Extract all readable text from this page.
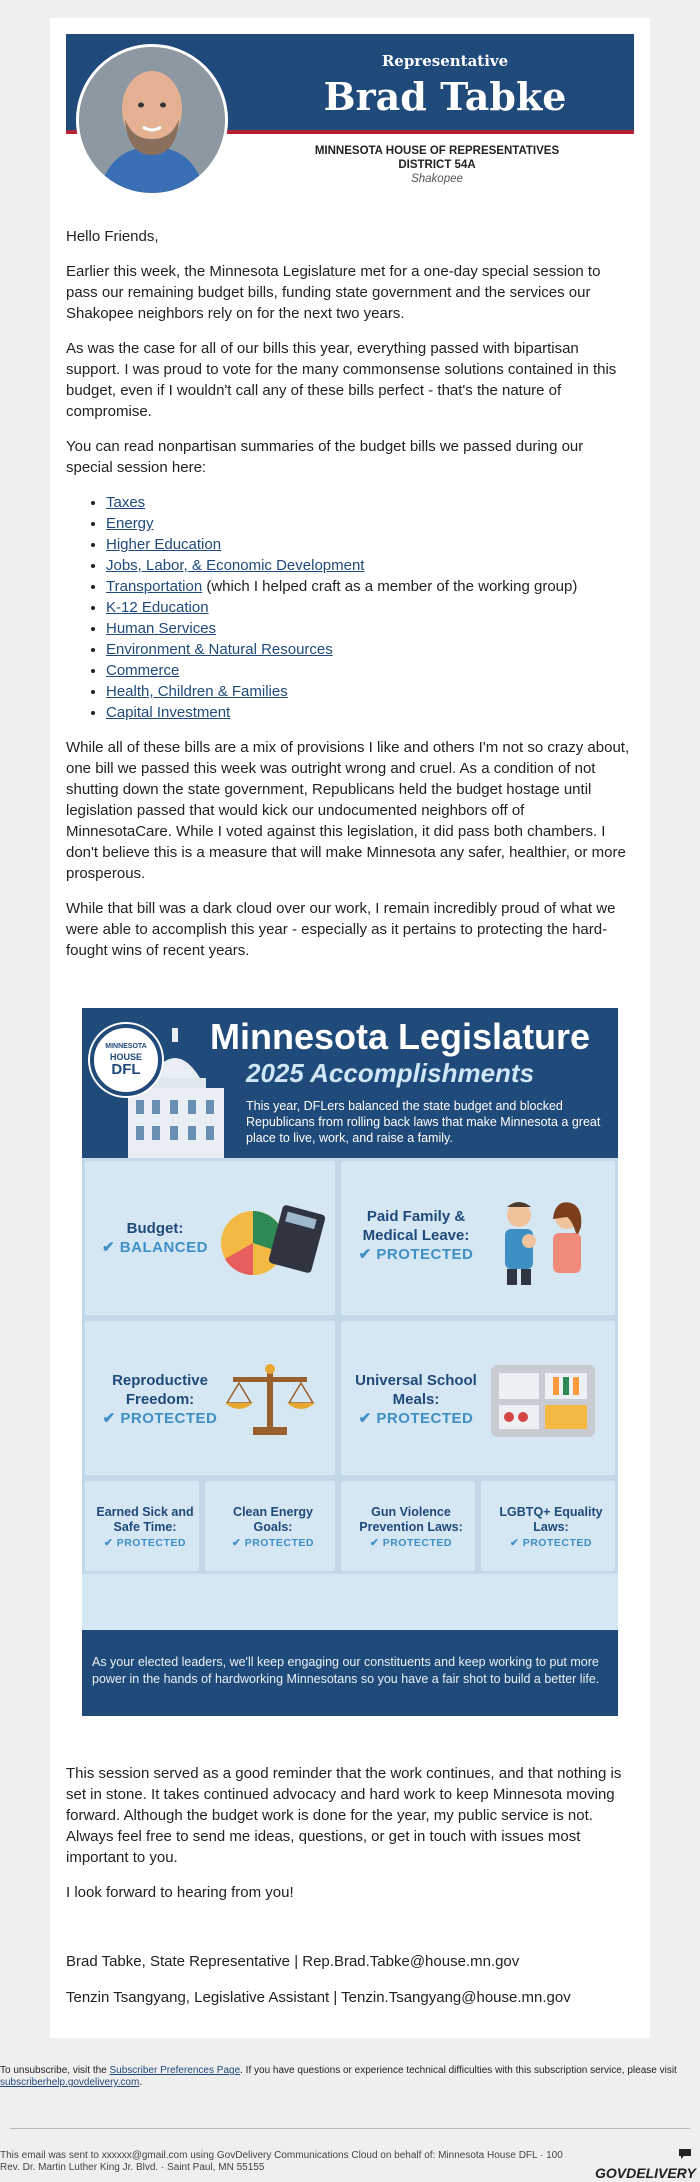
Representative
Brad Tabke
MINNESOTA HOUSE OF REPRESENTATIVES
DISTRICT 54A
Shakopee

Hello Friends,

Earlier this week, the Minnesota Legislature met for a one-day special session to pass our remaining budget bills, funding state government and the services our Shakopee neighbors rely on for the next two years.

As was the case for all of our bills this year, everything passed with bipartisan support. I was proud to vote for the many commonsense solutions contained in this budget, even if I wouldn't call any of these bills perfect - that's the nature of compromise.

You can read nonpartisan summaries of the budget bills we passed during our special session here:

• Taxes
• Energy
• Higher Education
• Jobs, Labor, & Economic Development
• Transportation (which I helped craft as a member of the working group)
• K-12 Education
• Human Services
• Environment & Natural Resources
• Commerce
• Health, Children & Families
• Capital Investment

While all of these bills are a mix of provisions I like and others I'm not so crazy about, one bill we passed this week was outright wrong and cruel. As a condition of not shutting down the state government, Republicans held the budget hostage until legislation passed that would kick our undocumented neighbors off of MinnesotaCare. While I voted against this legislation, it did pass both chambers. I don't believe this is a measure that will make Minnesota any safer, healthier, or more prosperous.

While that bill was a dark cloud over our work, I remain incredibly proud of what we were able to accomplish this year - especially as it pertains to protecting the hard-fought wins of recent years.

MINNESOTA
HOUSE
DFL
Minnesota Legislature
2025 Accomplishments
This year, DFLers balanced the state budget and blocked Republicans from rolling back laws that make Minnesota a great place to live, work, and raise a family.
Budget:
✔ BALANCED
Paid Family & Medical Leave:
✔ PROTECTED
Reproductive Freedom:
✔ PROTECTED
Universal School Meals:
✔ PROTECTED
Earned Sick and Safe Time:
✔ PROTECTED
Clean Energy Goals:
✔ PROTECTED
Gun Violence Prevention Laws:
✔ PROTECTED
LGBTQ+ Equality Laws:
✔ PROTECTED
As your elected leaders, we'll keep engaging our constituents and keep working to put more power in the hands of hardworking Minnesotans so you have a fair shot to build a better life.

This session served as a good reminder that the work continues, and that nothing is set in stone. It takes continued advocacy and hard work to keep Minnesota moving forward. Although the budget work is done for the year, my public service is not. Always feel free to send me ideas, questions, or get in touch with issues most important to you.

I look forward to hearing from you!

Brad Tabke, State Representative | Rep.Brad.Tabke@house.mn.gov
Tenzin Tsangyang, Legislative Assistant | Tenzin.Tsangyang@house.mn.gov
To unsubscribe, visit the Subscriber Preferences Page. If you have questions or experience technical difficulties with this subscription service, please visit subscriberhelp.govdelivery.com.
This email was sent to xxxxxx@gmail.com using GovDelivery Communications Cloud on behalf of: Minnesota House DFL · 100 Rev. Dr. Martin Luther King Jr. Blvd. · Saint Paul, MN 55155	GOVDELIVERY
